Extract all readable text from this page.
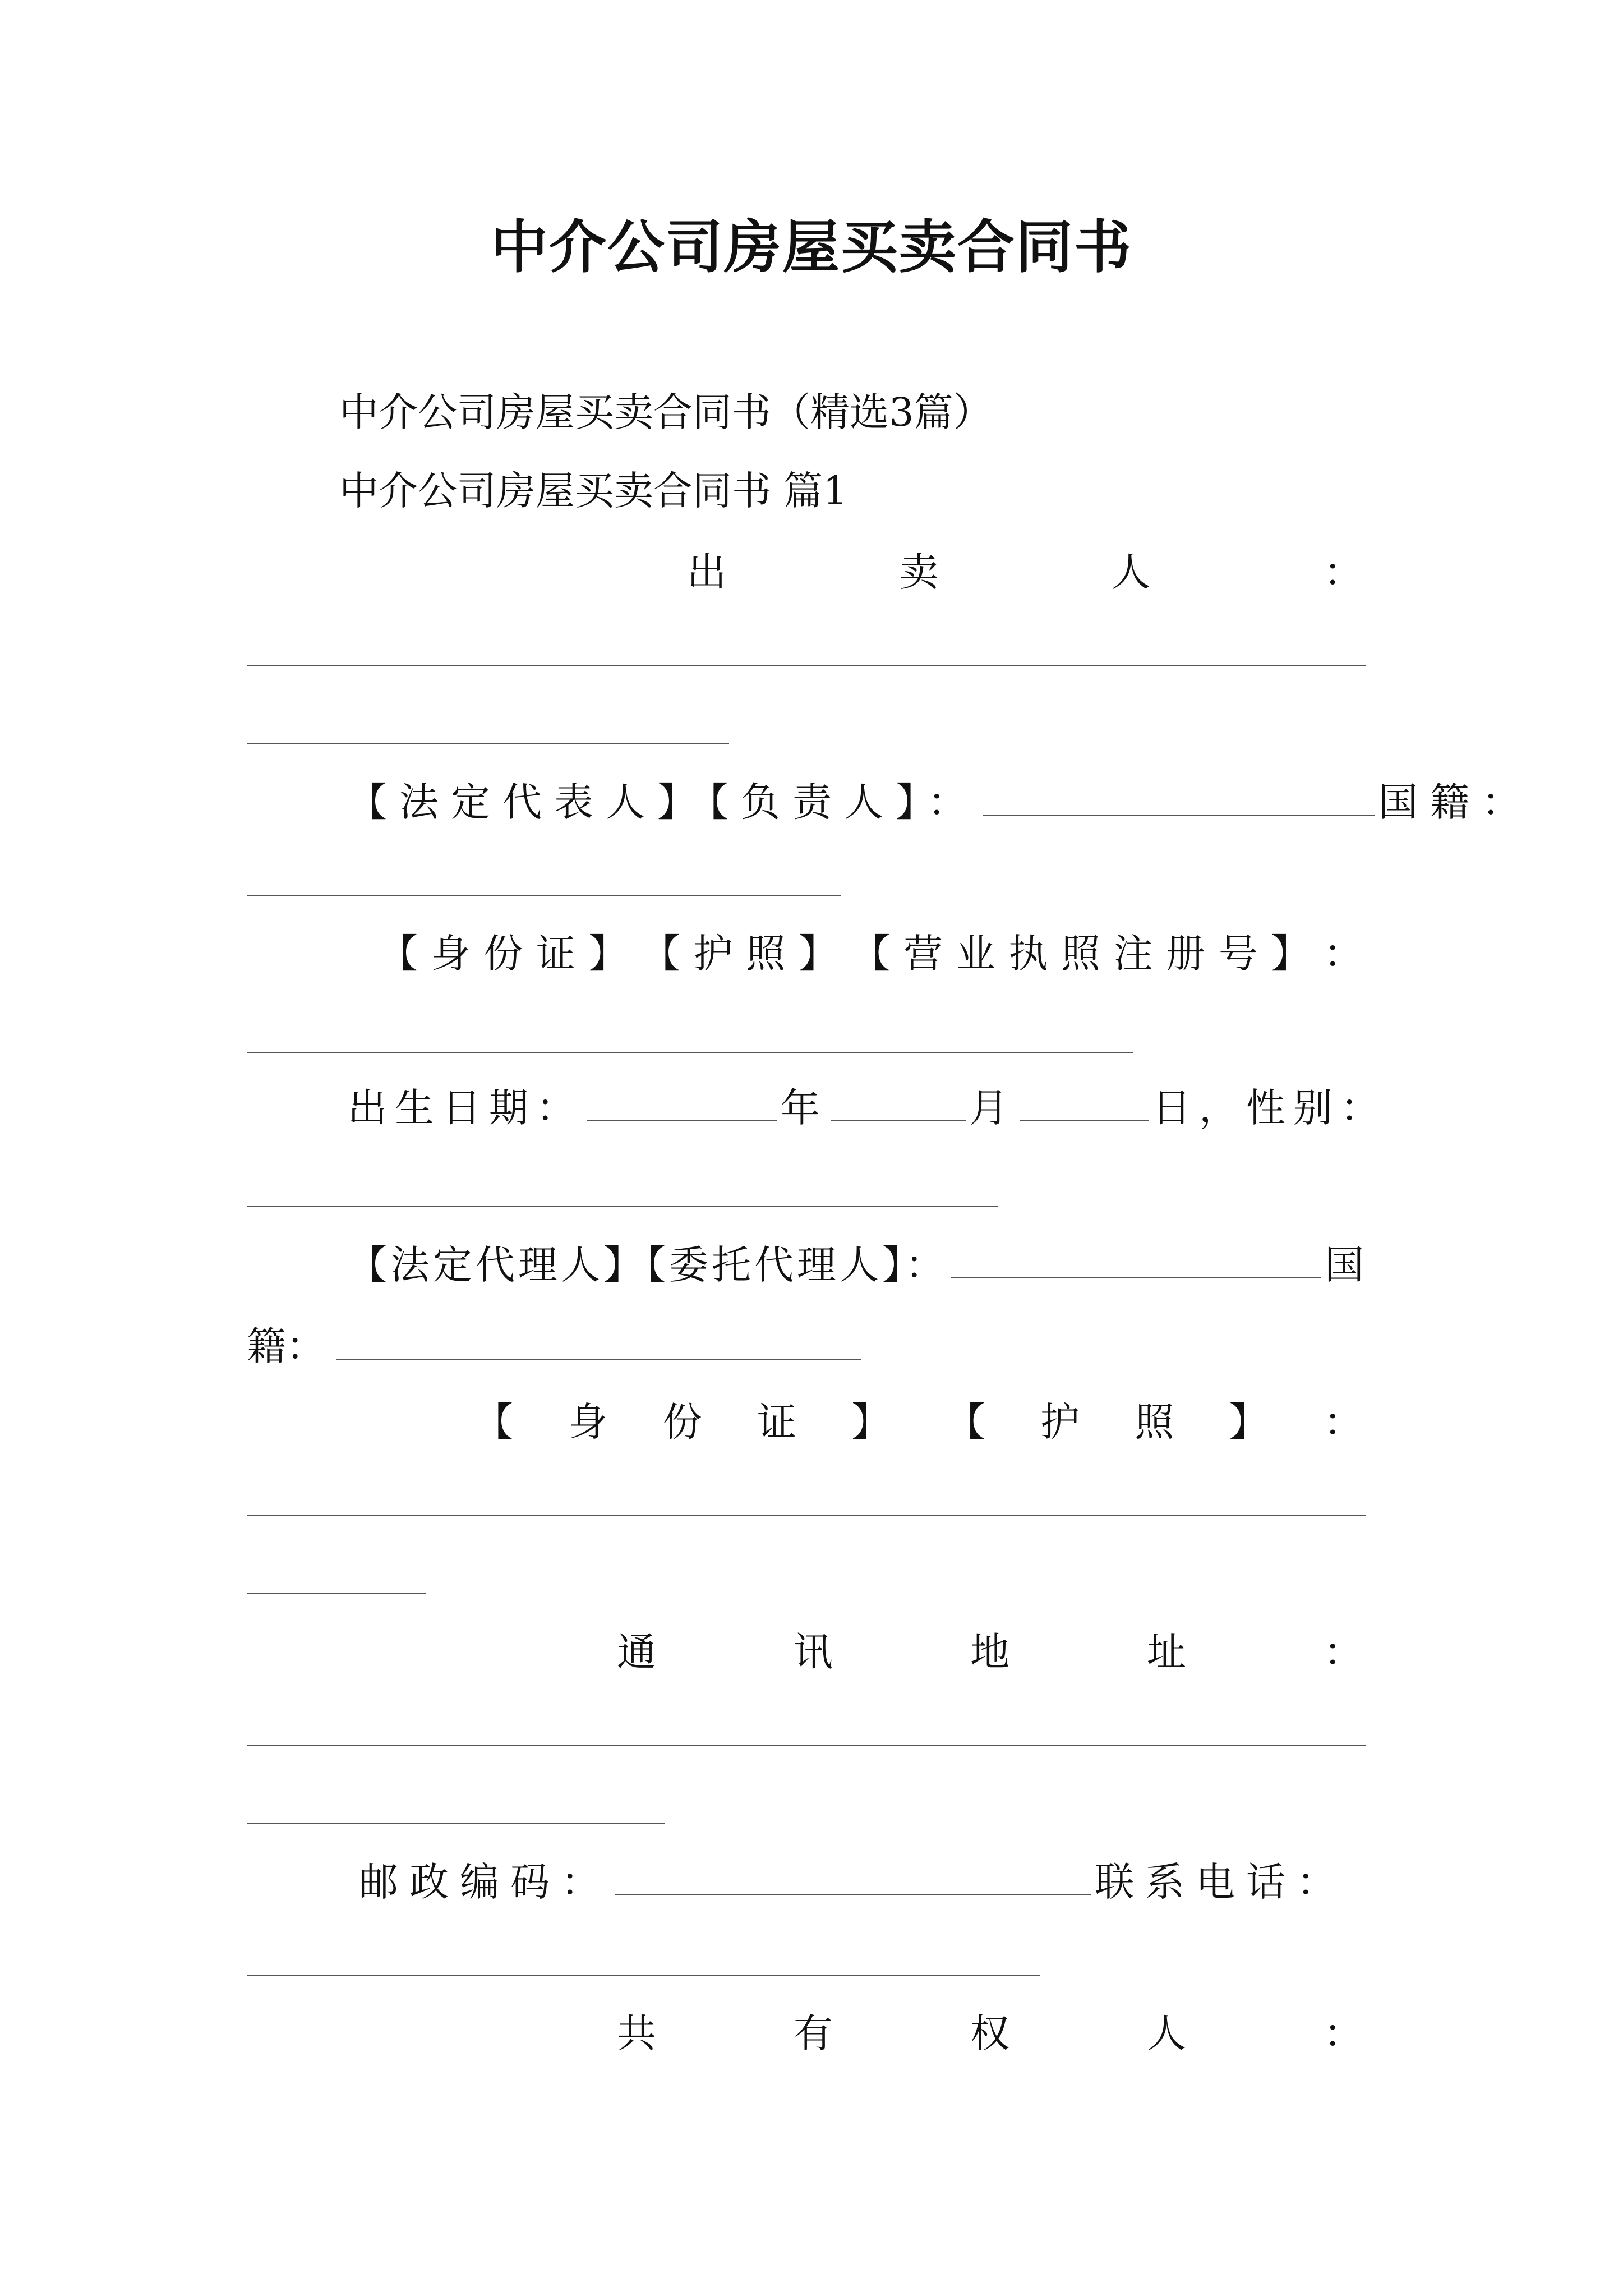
中介公司房屋买卖合同书
中介公司房屋买卖合同书（精选3篇）
中介公司房屋买卖合同书 篇1
出	卖	人	：
【法定代表人】【负责人】：	国籍：
【 身 份 证 】 【 护 照 】 【 营 业 执 照 注 册 号 】 ：
出生日期：	年	月	日，性别：
【法定代理人】【委托代理人】：	国
籍：
【 身 份 证 】 【 护 照 】 ：
通	讯	地	址	：
邮政编码：	联系电话：
共	有	权	人	：
